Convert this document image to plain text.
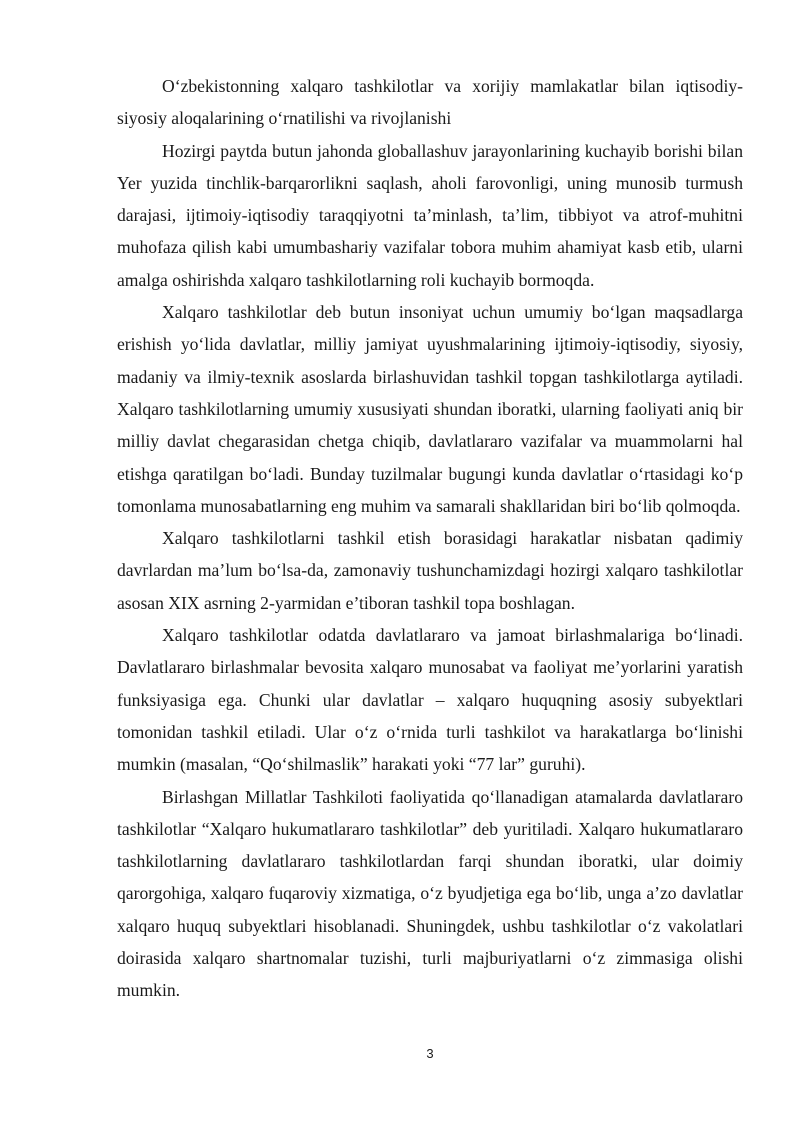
O‘zbekistonning xalqaro tashkilotlar va xorijiy mamlakatlar bilan iqtisodiy-siyosiy aloqalarining o‘rnatilishi va rivojlanishi

Hozirgi paytda butun jahonda globallashuv jarayonlarining kuchayib borishi bilan Yer yuzida tinchlik-barqarorlikni saqlash, aholi farovonligi, uning munosib turmush darajasi, ijtimoiy-iqtisodiy taraqqiyotni ta’minlash, ta’lim, tibbiyot va atrof-muhitni muhofaza qilish kabi umumbashariy vazifalar tobora muhim ahamiyat kasb etib, ularni amalga oshirishda xalqaro tashkilotlarning roli kuchayib bormoqda.

Xalqaro tashkilotlar deb butun insoniyat uchun umumiy bo‘lgan maqsadlarga erishish yo‘lida davlatlar, milliy jamiyat uyushmalarining ijtimoiy-iqtisodiy, siyosiy, madaniy va ilmiy-texnik asoslarda birlashuvidan tashkil topgan tashkilotlarga aytiladi. Xalqaro tashkilotlarning umumiy xususiyati shundan iboratki, ularning faoliyati aniq bir milliy davlat chegarasidan chetga chiqib, davlatlararo vazifalar va muammolarni hal etishga qaratilgan bo‘ladi. Bunday tuzilmalar bugungi kunda davlatlar o‘rtasidagi ko‘p tomonlama munosabatlarning eng muhim va samarali shakllaridan biri bo‘lib qolmoqda.

Xalqaro tashkilotlarni tashkil etish borasidagi harakatlar nisbatan qadimiy davrlardan ma’lum bo‘lsa-da, zamonaviy tushunchamizdagi hozirgi xalqaro tashkilotlar asosan XIX asrning 2-yarmidan e’tiboran tashkil topa boshlagan.

Xalqaro tashkilotlar odatda davlatlararo va jamoat birlashmalariga bo‘linadi. Davlatlararo birlashmalar bevosita xalqaro munosabat va faoliyat me’yorlarini yaratish funksiyasiga ega. Chunki ular davlatlar – xalqaro huquqning asosiy subyektlari tomonidan tashkil etiladi. Ular o‘z o‘rnida turli tashkilot va harakatlarga bo‘linishi mumkin (masalan, “Qo‘shilmaslik” harakati yoki “77 lar” guruhi).

Birlashgan Millatlar Tashkiloti faoliyatida qo‘llanadigan atamalarda davlatlararo tashkilotlar “Xalqaro hukumatlararo tashkilotlar” deb yuritiladi. Xalqaro hukumatlararo tashkilotlarning davlatlararo tashkilotlardan farqi shundan iboratki, ular doimiy qarorgohiga, xalqaro fuqaroviy xizmatiga, o‘z byudjetiga ega bo‘lib, unga a’zo davlatlar xalqaro huquq subyektlari hisoblanadi. Shuningdek, ushbu tashkilotlar o‘z vakolatlari doirasida xalqaro shartnomalar tuzishi, turli majburiyatlarni o‘z zimmasiga olishi mumkin.

3
